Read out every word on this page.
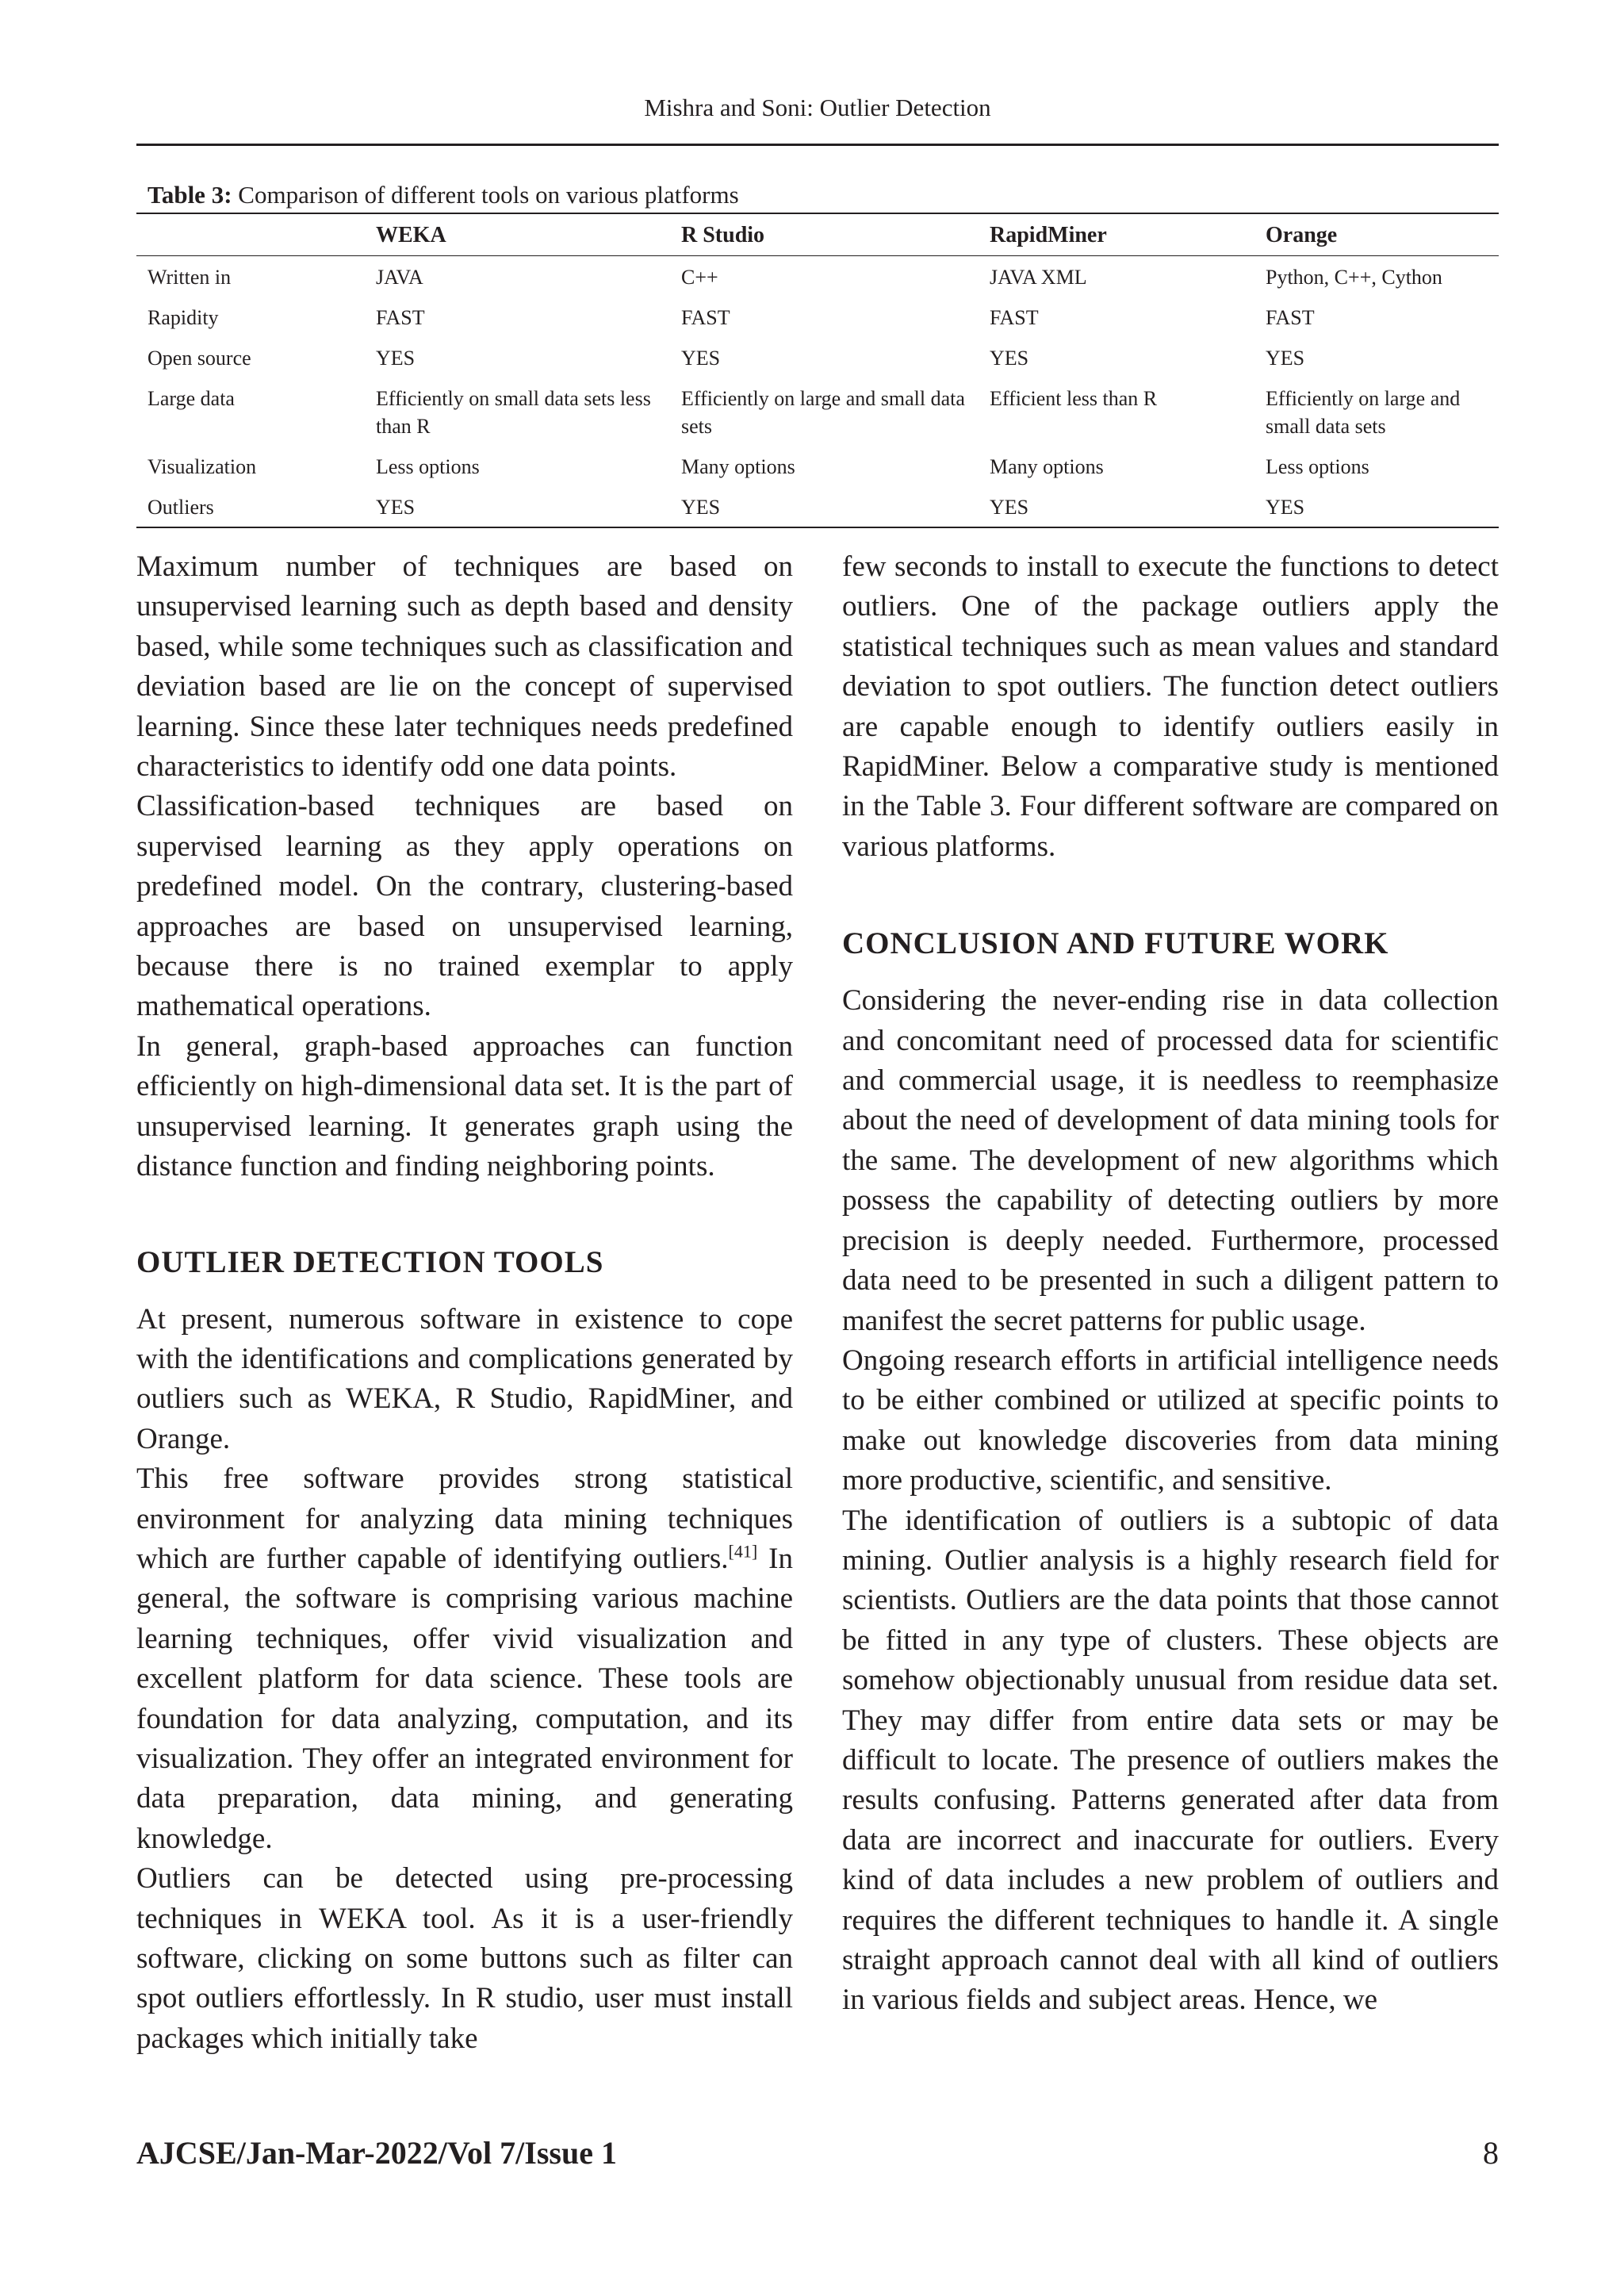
Mishra and Soni: Outlier Detection
Table 3: Comparison of different tools on various platforms
	WEKA	R Studio	RapidMiner	Orange
Written in	JAVA	C++	JAVA XML	Python, C++, Cython
Rapidity	FAST	FAST	FAST	FAST
Open source	YES	YES	YES	YES
Large data	Efficiently on small data sets less than R	Efficiently on large and small data sets	Efficient less than R	Efficiently on large and small data sets
Visualization	Less options	Many options	Many options	Less options
Outliers	YES	YES	YES	YES

Maximum number of techniques are based on unsupervised learning such as depth based and density based, while some techniques such as classification and deviation based are lie on the concept of supervised learning. Since these later techniques needs predefined characteristics to identify odd one data points.

Classification-based techniques are based on supervised learning as they apply operations on predefined model. On the contrary, clustering-based approaches are based on unsupervised learning, because there is no trained exemplar to apply mathematical operations.

In general, graph-based approaches can function efficiently on high-dimensional data set. It is the part of unsupervised learning. It generates graph using the distance function and finding neighboring points.

OUTLIER DETECTION TOOLS

At present, numerous software in existence to cope with the identifications and complications generated by outliers such as WEKA, R Studio, RapidMiner, and Orange.

This free software provides strong statistical environment for analyzing data mining techniques which are further capable of identifying outliers.[41] In general, the software is comprising various machine learning techniques, offer vivid visualization and excellent platform for data science. These tools are foundation for data analyzing, computation, and its visualization. They offer an integrated environment for data preparation, data mining, and generating knowledge.

Outliers can be detected using pre-processing techniques in WEKA tool. As it is a user-friendly software, clicking on some buttons such as filter can spot outliers effortlessly. In R studio, user must install packages which initially take

few seconds to install to execute the functions to detect outliers. One of the package outliers apply the statistical techniques such as mean values and standard deviation to spot outliers. The function detect outliers are capable enough to identify outliers easily in RapidMiner. Below a comparative study is mentioned in the Table 3. Four different software are compared on various platforms.

CONCLUSION AND FUTURE WORK

Considering the never-ending rise in data collection and concomitant need of processed data for scientific and commercial usage, it is needless to reemphasize about the need of development of data mining tools for the same. The development of new algorithms which possess the capability of detecting outliers by more precision is deeply needed. Furthermore, processed data need to be presented in such a diligent pattern to manifest the secret patterns for public usage.

Ongoing research efforts in artificial intelligence needs to be either combined or utilized at specific points to make out knowledge discoveries from data mining more productive, scientific, and sensitive.

The identification of outliers is a subtopic of data mining. Outlier analysis is a highly research field for scientists. Outliers are the data points that those cannot be fitted in any type of clusters. These objects are somehow objectionably unusual from residue data set. They may differ from entire data sets or may be difficult to locate. The presence of outliers makes the results confusing. Patterns generated after data from data are incorrect and inaccurate for outliers. Every kind of data includes a new problem of outliers and requires the different techniques to handle it. A single straight approach cannot deal with all kind of outliers in various fields and subject areas. Hence, we

AJCSE/Jan-Mar-2022/Vol 7/Issue 1	8
